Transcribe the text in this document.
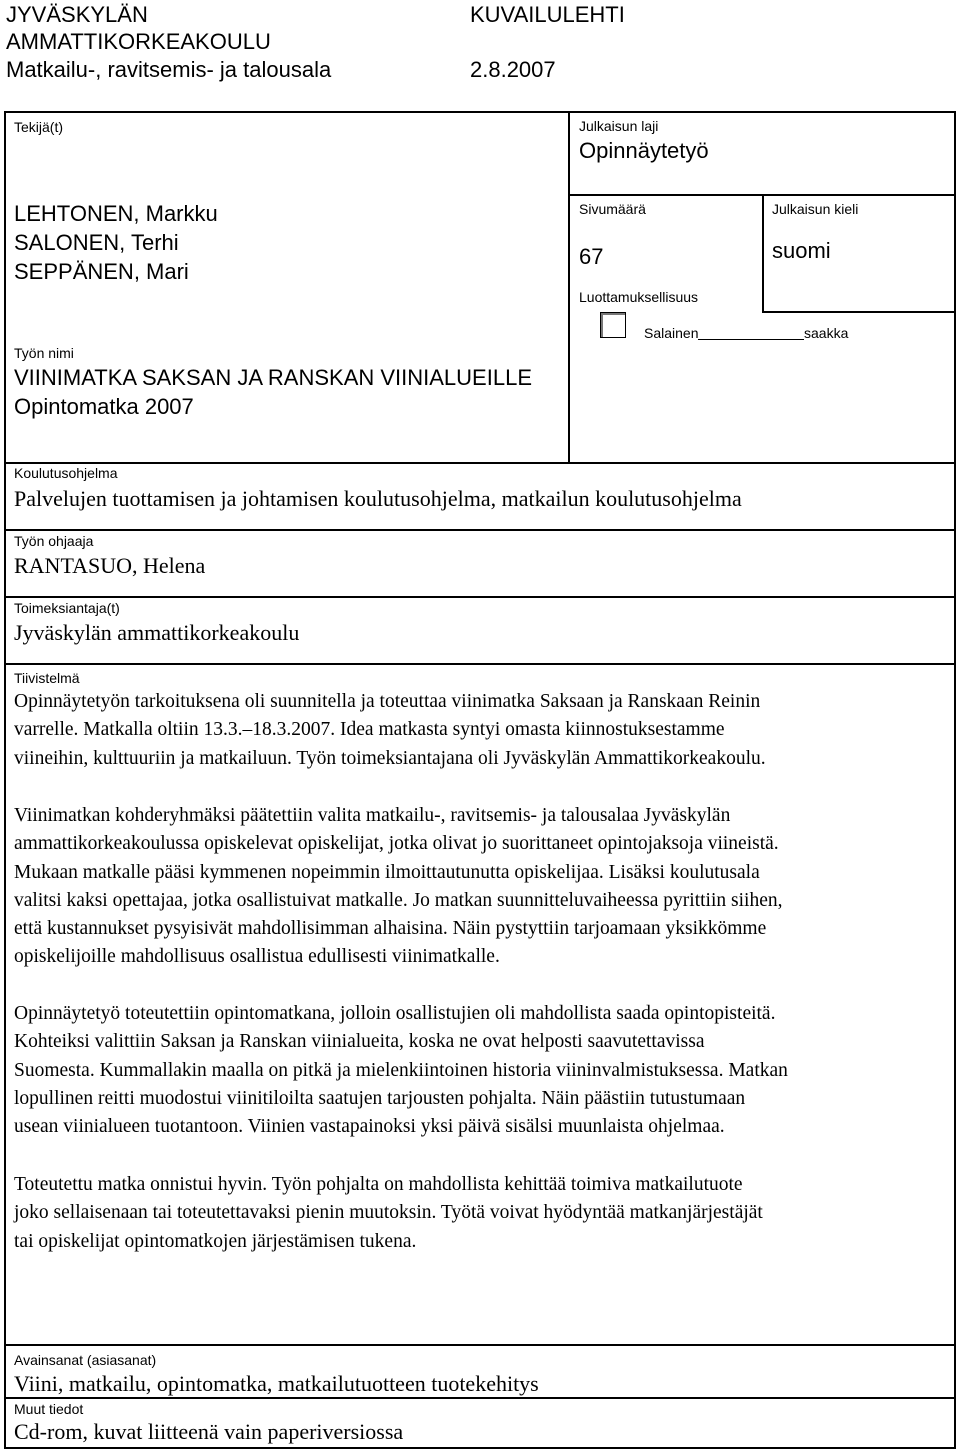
JYVÄSKYLÄN
AMMATTIKORKEAKOULU
Matkailu-, ravitsemis- ja talousala
KUVAILULEHTI
2.8.2007
Tekijä(t)
LEHTONEN, Markku
SALONEN, Terhi
SEPPÄNEN, Mari
Julkaisun laji
Opinnäytetyö
Sivumäärä
67
Julkaisun kieli
suomi
Luottamuksellisuus
Salainen	saakka
Työn nimi
VIINIMATKA SAKSAN JA RANSKAN VIINIALUEILLE
Opintomatka 2007
Koulutusohjelma
Palvelujen tuottamisen ja johtamisen koulutusohjelma, matkailun koulutusohjelma
Työn ohjaaja
RANTASUO, Helena
Toimeksiantaja(t)
Jyväskylän ammattikorkeakoulu
Tiivistelmä
Opinnäytetyön tarkoituksena oli suunnitella ja toteuttaa viinimatka Saksaan ja Ranskaan Reinin
varrelle. Matkalla oltiin 13.3.–18.3.2007. Idea matkasta syntyi omasta kiinnostuksestamme
viineihin, kulttuuriin ja matkailuun. Työn toimeksiantajana oli Jyväskylän Ammattikorkeakoulu.
Viinimatkan kohderyhmäksi päätettiin valita matkailu-, ravitsemis- ja talousalaa Jyväskylän
ammattikorkeakoulussa opiskelevat opiskelijat, jotka olivat jo suorittaneet opintojaksoja viineistä.
Mukaan matkalle pääsi kymmenen nopeimmin ilmoittautunutta opiskelijaa. Lisäksi koulutusala
valitsi kaksi opettajaa, jotka osallistuivat matkalle. Jo matkan suunnitteluvaiheessa pyrittiin siihen,
että kustannukset pysyisivät mahdollisimman alhaisina. Näin pystyttiin tarjoamaan yksikkömme
opiskelijoille mahdollisuus osallistua edullisesti viinimatkalle.
Opinnäytetyö toteutettiin opintomatkana, jolloin osallistujien oli mahdollista saada opintopisteitä.
Kohteiksi valittiin Saksan ja Ranskan viinialueita, koska ne ovat helposti saavutettavissa
Suomesta. Kummallakin maalla on pitkä ja mielenkiintoinen historia viininvalmistuksessa. Matkan
lopullinen reitti muodostui viinitiloilta saatujen tarjousten pohjalta. Näin päästiin tutustumaan
usean viinialueen tuotantoon. Viinien vastapainoksi yksi päivä sisälsi muunlaista ohjelmaa.
Toteutettu matka onnistui hyvin. Työn pohjalta on mahdollista kehittää toimiva matkailutuote
joko sellaisenaan tai toteutettavaksi pienin muutoksin. Työtä voivat hyödyntää matkanjärjestäjät
tai opiskelijat opintomatkojen järjestämisen tukena.
Avainsanat (asiasanat)
Viini, matkailu, opintomatka, matkailutuotteen tuotekehitys
Muut tiedot
Cd-rom, kuvat liitteenä vain paperiversiossa
